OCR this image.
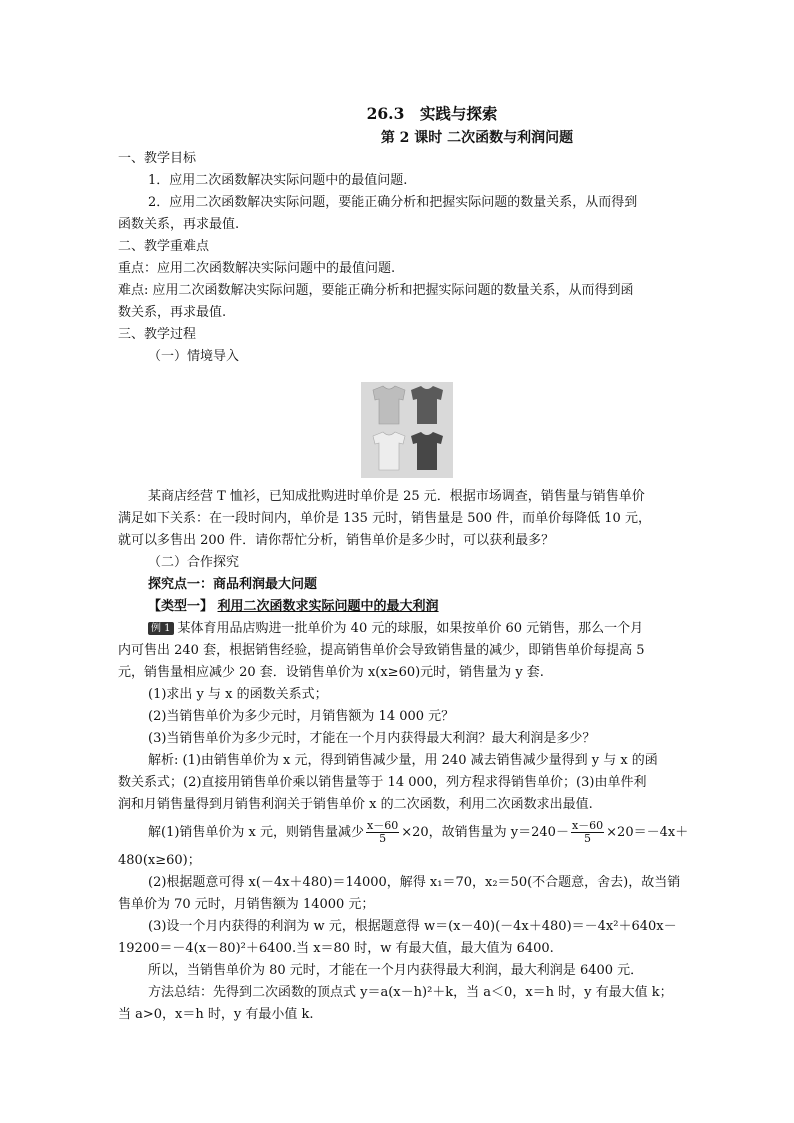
26.3　实践与探索
第 2 课时 二次函数与利润问题
一、教学目标
1．应用二次函数解决实际问题中的最值问题.
2．应用二次函数解决实际问题，要能正确分析和把握实际问题的数量关系，从而得到
函数关系，再求最值.
二、教学重难点
重点：应用二次函数解决实际问题中的最值问题.
难点: 应用二次函数解决实际问题，要能正确分析和把握实际问题的数量关系，从而得到函
数关系，再求最值.
三、教学过程
（一）情境导入
某商店经营 T 恤衫，已知成批购进时单价是 25 元．根据市场调查，销售量与销售单价
满足如下关系：在一段时间内，单价是 135 元时，销售量是 500 件，而单价每降低 10 元，
就可以多售出 200 件．请你帮忙分析，销售单价是多少时，可以获利最多？
（二）合作探究
探究点一：商品利润最大问题
【类型一】 利用二次函数求实际问题中的最大利润
例 1 某体育用品店购进一批单价为 40 元的球服，如果按单价 60 元销售，那么一个月
内可售出 240 套，根据销售经验，提高销售单价会导致销售量的减少，即销售单价每提高 5
元，销售量相应减少 20 套．设销售单价为 x(x≥60)元时，销售量为 y 套.
(1)求出 y 与 x 的函数关系式；
(2)当销售单价为多少元时，月销售额为 14 000 元？
(3)当销售单价为多少元时，才能在一个月内获得最大利润？最大利润是多少？
解析: (1)由销售单价为 x 元，得到销售减少量，用 240 减去销售减少量得到 y 与 x 的函
数关系式；(2)直接用销售单价乘以销售量等于 14 000，列方程求得销售单价；(3)由单件利
润和月销售量得到月销售利润关于销售单价 x 的二次函数，利用二次函数求出最值.
解(1)销售单价为 x 元，则销售量减少 $\frac{x-60}{5} \times 20$，故销售量为 $y=240- \frac{x-60}{5} \times 20=-4x+$
480(x≥60)；
(2)根据题意可得 x(－4x＋480)＝14000，解得 x₁＝70，x₂＝50(不合题意，舍去)，故当销
售单价为 70 元时，月销售额为 14000 元；
(3)设一个月内获得的利润为 w 元，根据题意得 w＝(x－40)(－4x＋480)＝－4x²＋640x－
19200＝－4(x－80)²＋6400.当 x＝80 时，w 有最大值，最大值为 6400.
所以，当销售单价为 80 元时，才能在一个月内获得最大利润，最大利润是 6400 元．
方法总结：先得到二次函数的顶点式 y＝a(x－h)²＋k，当 a＜0，x＝h 时，y 有最大值 k；
当 a>0，x＝h 时，y 有最小值 k.
